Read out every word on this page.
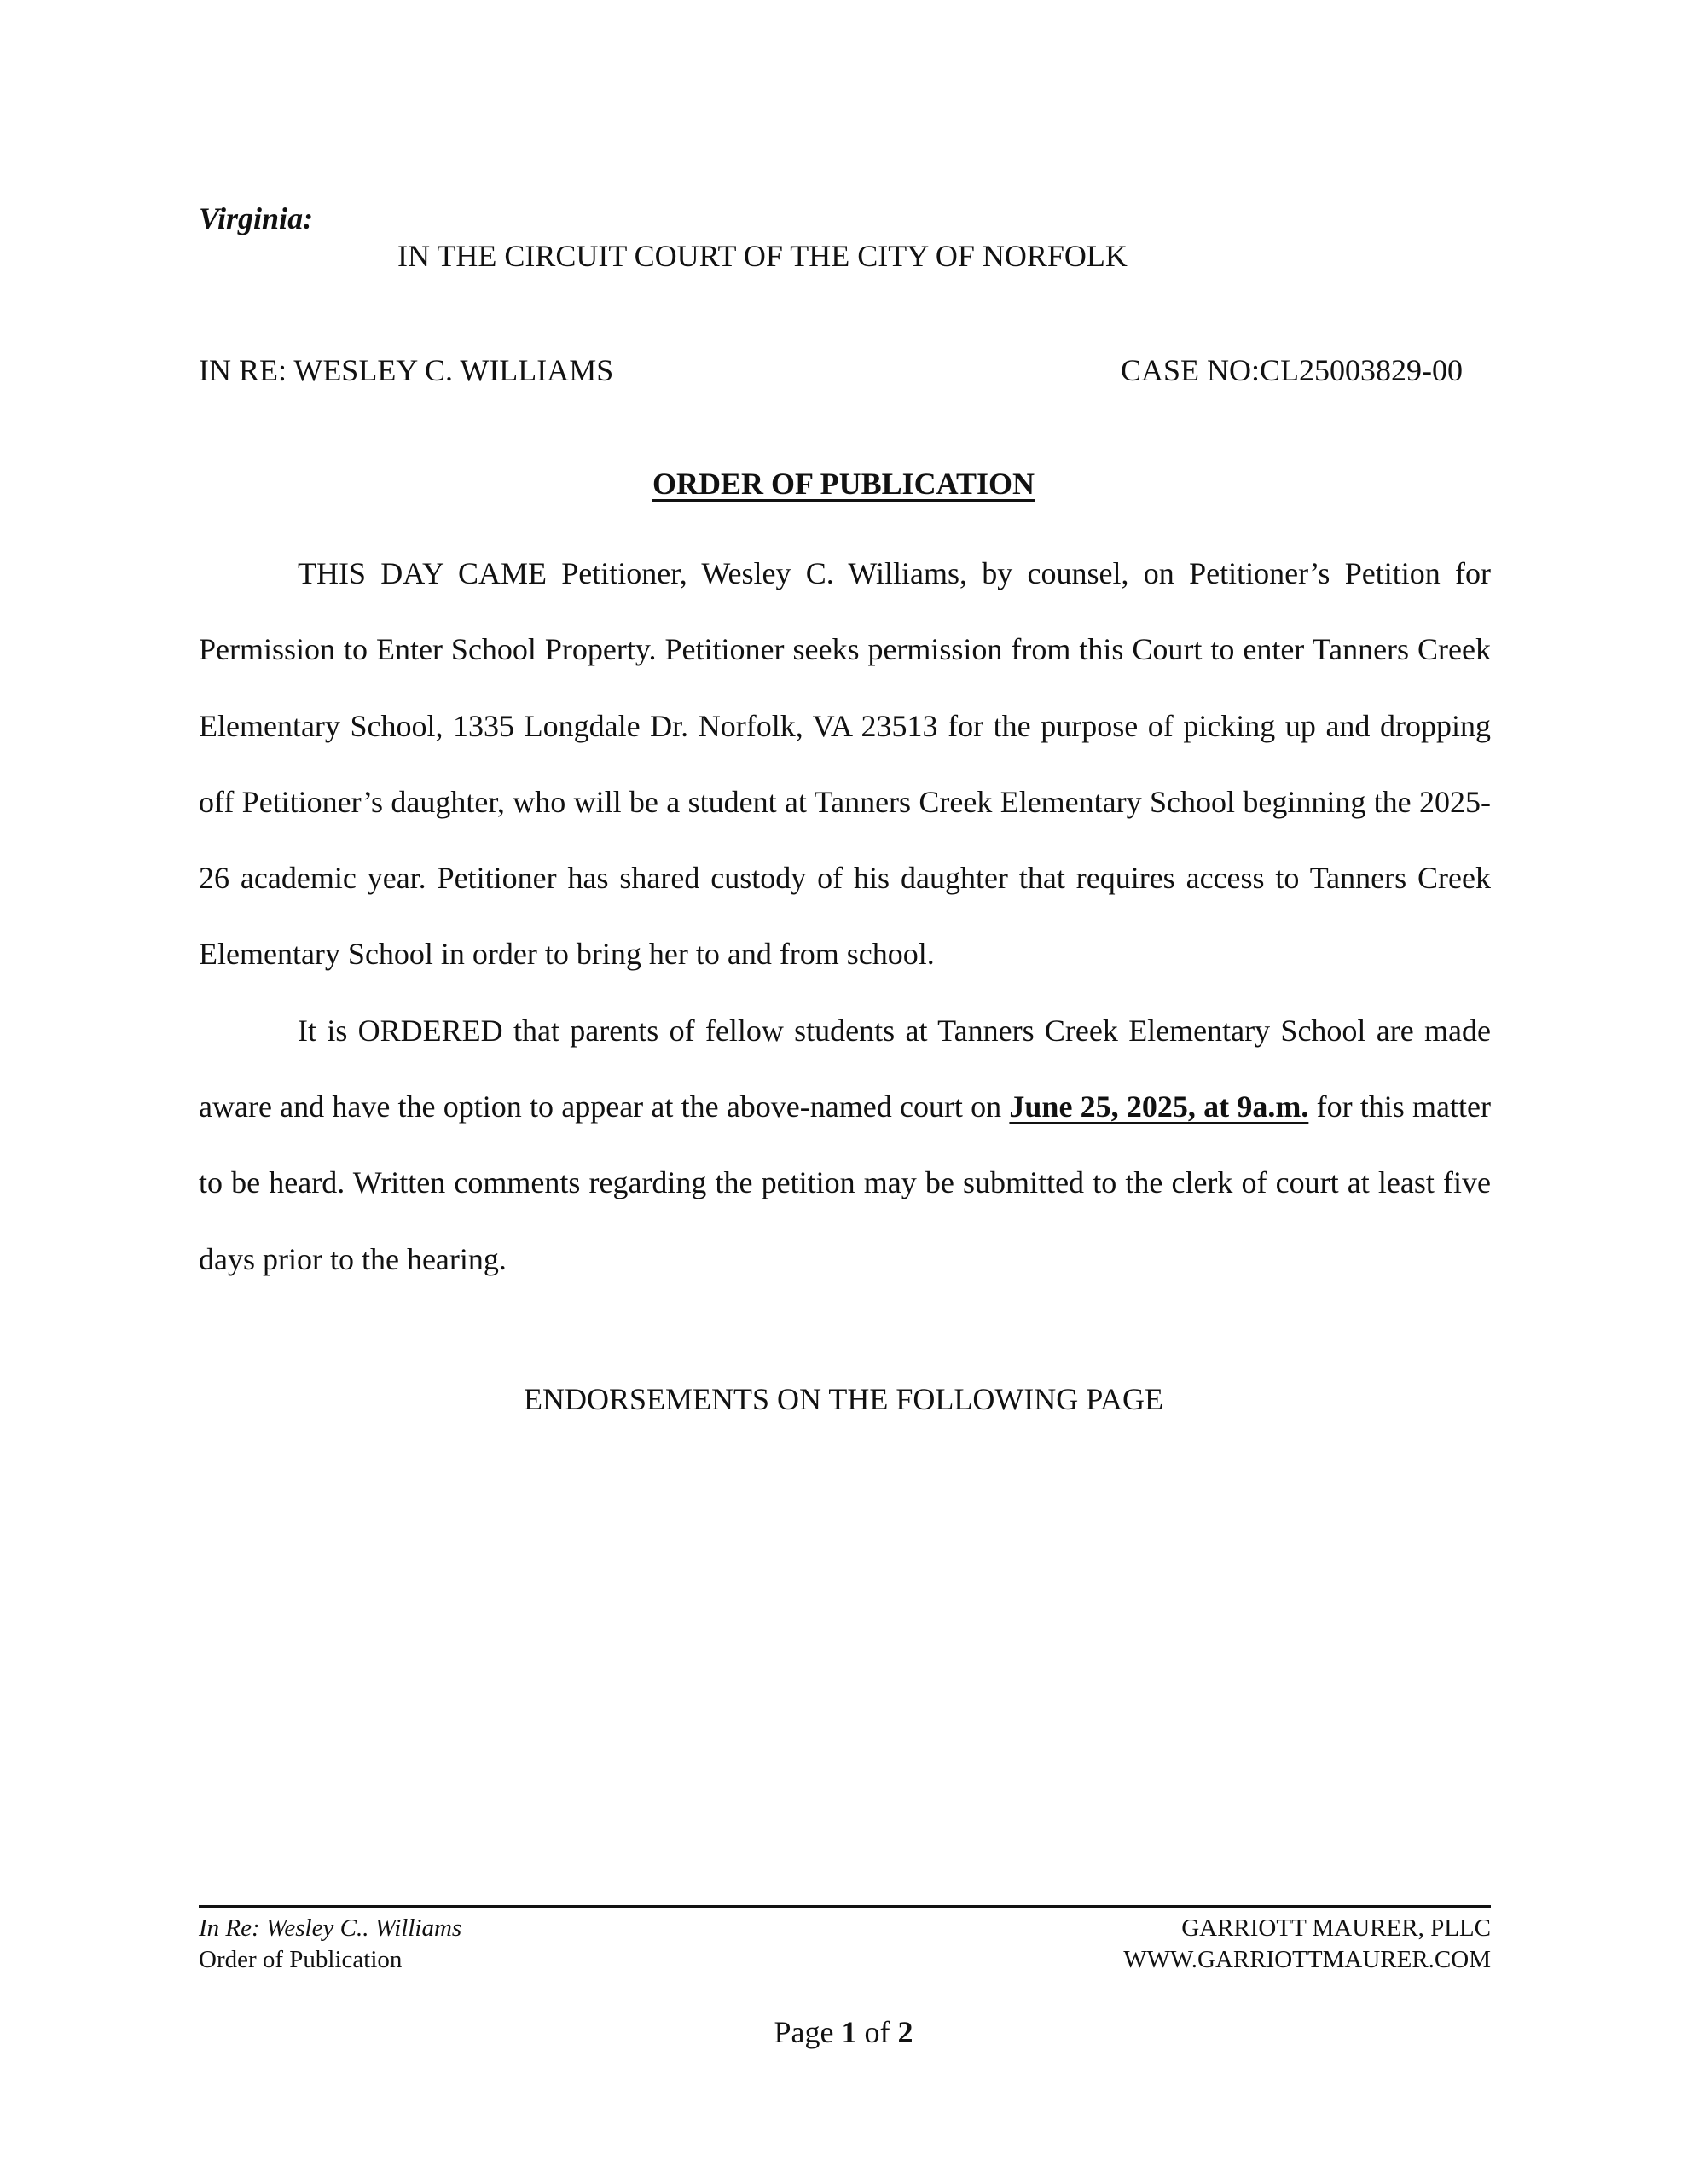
Virginia:
IN THE CIRCUIT COURT OF THE CITY OF NORFOLK
IN RE: WESLEY C. WILLIAMS	CASE NO:CL25003829-00
ORDER OF PUBLICATION

THIS DAY CAME Petitioner, Wesley C. Williams, by counsel, on Petitioner’s Petition for Permission to Enter School Property. Petitioner seeks permission from this Court to enter Tanners Creek Elementary School, 1335 Longdale Dr. Norfolk, VA 23513 for the purpose of picking up and dropping off Petitioner’s daughter, who will be a student at Tanners Creek Elementary School beginning the 2025-26 academic year. Petitioner has shared custody of his daughter that requires access to Tanners Creek Elementary School in order to bring her to and from school.

It is ORDERED that parents of fellow students at Tanners Creek Elementary School are made aware and have the option to appear at the above-named court on June 25, 2025, at 9a.m. for this matter to be heard. Written comments regarding the petition may be submitted to the clerk of court at least five days prior to the hearing.

ENDORSEMENTS ON THE FOLLOWING PAGE
In Re: Wesley C.. Williams
Order of Publication
GARRIOTT MAURER, PLLC
WWW.GARRIOTTMAURER.COM
Page 1 of 2
